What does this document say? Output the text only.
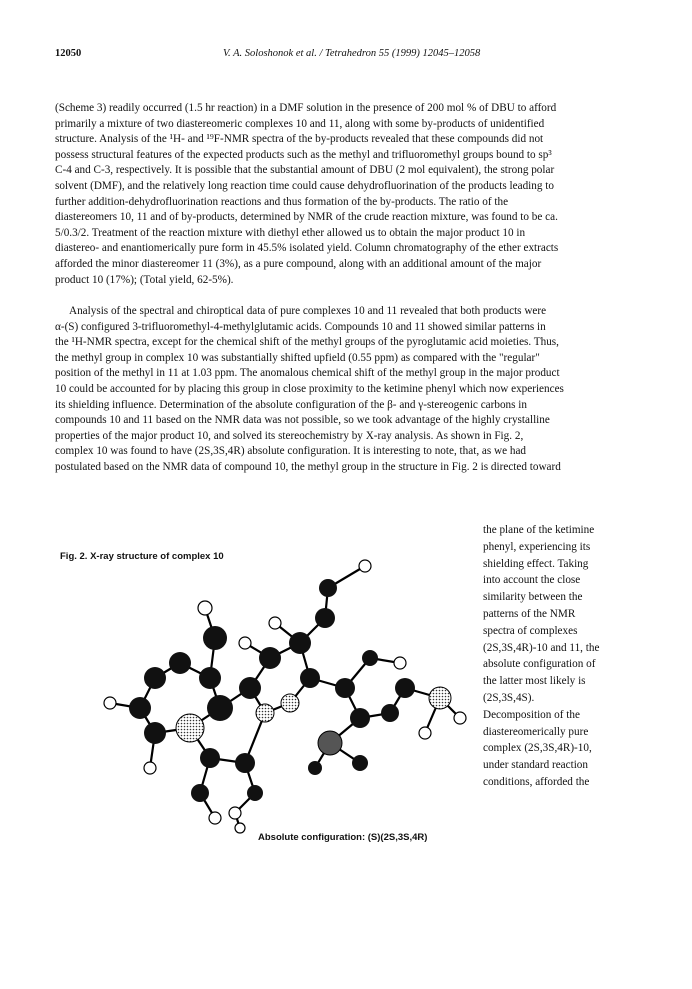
12050	V. A. Soloshonok et al. / Tetrahedron 55 (1999) 12045–12058
(Scheme 3) readily occurred (1.5 hr reaction) in a DMF solution in the presence of 200 mol % of DBU to afford
primarily a mixture of two diastereomeric complexes 10 and 11, along with some by-products of unidentified
structure. Analysis of the ¹H- and ¹⁹F-NMR spectra of the by-products revealed that these compounds did not
possess structural features of the expected products such as the methyl and trifluoromethyl groups bound to sp³
C-4 and C-3, respectively. It is possible that the substantial amount of DBU (2 mol equivalent), the strong polar
solvent (DMF), and the relatively long reaction time could cause dehydrofluorination of the products leading to
further addition-dehydrofluorination reactions and thus formation of the by-products. The ratio of the
diastereomers 10, 11 and of by-products, determined by NMR of the crude reaction mixture, was found to be ca.
5/0.3/2. Treatment of the reaction mixture with diethyl ether allowed us to obtain the major product 10 in
diastereo- and enantiomerically pure form in 45.5% isolated yield. Column chromatography of the ether extracts
afforded the minor diastereomer 11 (3%), as a pure compound, along with an additional amount of the major
product 10 (17%); (Total yield, 62-5%).
Analysis of the spectral and chiroptical data of pure complexes 10 and 11 revealed that both products were
α-(S) configured 3-trifluoromethyl-4-methylglutamic acids. Compounds 10 and 11 showed similar patterns in
the ¹H-NMR spectra, except for the chemical shift of the methyl groups of the pyroglutamic acid moieties. Thus,
the methyl group in complex 10 was substantially shifted upfield (0.55 ppm) as compared with the "regular"
position of the methyl in 11 at 1.03 ppm. The anomalous chemical shift of the methyl group in the major product
10 could be accounted for by placing this group in close proximity to the ketimine phenyl which now experiences
its shielding influence. Determination of the absolute configuration of the β- and γ-stereogenic carbons in
compounds 10 and 11 based on the NMR data was not possible, so we took advantage of the highly crystalline
properties of the major product 10, and solved its stereochemistry by X-ray analysis. As shown in Fig. 2,
complex 10 was found to have (2S,3S,4R) absolute configuration. It is interesting to note, that, as we had
postulated based on the NMR data of compound 10, the methyl group in the structure in Fig. 2 is directed toward
the plane of the ketimine
phenyl, experiencing its
shielding effect. Taking
into account the close
similarity between the
patterns of the NMR
spectra of complexes
(2S,3S,4R)-10 and 11, the
absolute configuration of
the latter most likely is
(2S,3S,4S).
Decomposition of the
diastereomerically pure
complex (2S,3S,4R)-10,
under standard reaction
conditions, afforded the
Fig. 2. X-ray structure of complex 10
Absolute configuration: (S)(2S,3S,4R)
